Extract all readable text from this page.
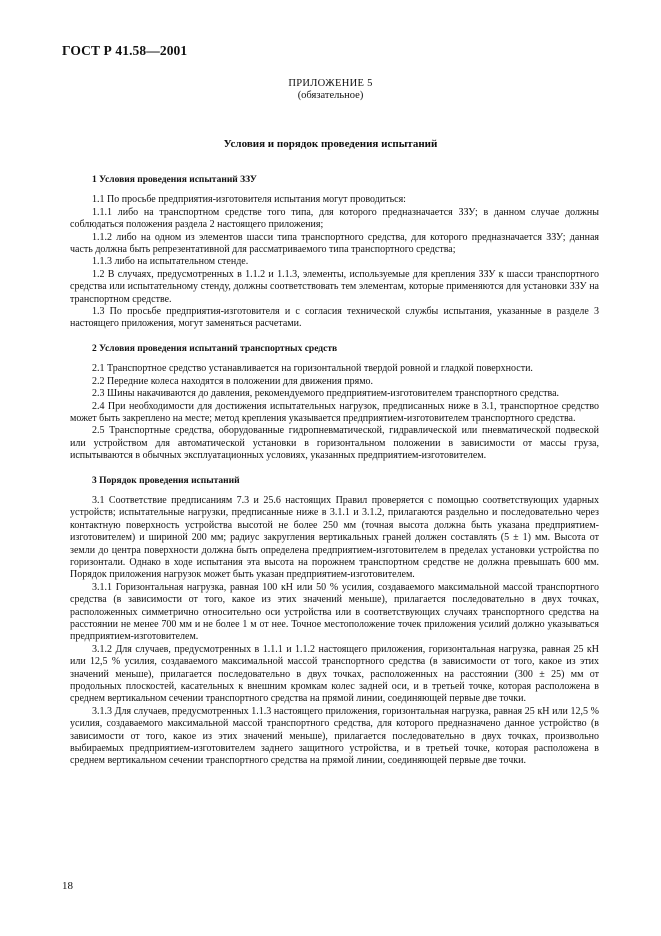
ГОСТ Р 41.58—2001
ПРИЛОЖЕНИЕ 5
(обязательное)
Условия и порядок проведения испытаний
1 Условия проведения испытаний ЗЗУ

1.1 По просьбе предприятия-изготовителя испытания могут проводиться:

1.1.1 либо на транспортном средстве того типа, для которого предназначается ЗЗУ; в данном случае должны соблюдаться положения раздела 2 настоящего приложения;

1.1.2 либо на одном из элементов шасси типа транспортного средства, для которого предназначается ЗЗУ; данная часть должна быть репрезентативной для рассматриваемого типа транспортного средства;

1.1.3 либо на испытательном стенде.

1.2 В случаях, предусмотренных в 1.1.2 и 1.1.3, элементы, используемые для крепления ЗЗУ к шасси транспортного средства или испытательному стенду, должны соответствовать тем элементам, которые применяются для установки ЗЗУ на транспортном средстве.

1.3 По просьбе предприятия-изготовителя и с согласия технической службы испытания, указанные в разделе 3 настоящего приложения, могут заменяться расчетами.

2 Условия проведения испытаний транспортных средств

2.1 Транспортное средство устанавливается на горизонтальной твердой ровной и гладкой поверхности.

2.2 Передние колеса находятся в положении для движения прямо.

2.3 Шины накачиваются до давления, рекомендуемого предприятием-изготовителем транспортного средства.

2.4 При необходимости для достижения испытательных нагрузок, предписанных ниже в 3.1, транспортное средство может быть закреплено на месте; метод крепления указывается предприятием-изготовителем транспортного средства.

2.5 Транспортные средства, оборудованные гидропневматической, гидравлической или пневматической подвеской или устройством для автоматической установки в горизонтальном положении в зависимости от массы груза, испытываются в обычных эксплуатационных условиях, указанных предприятием-изготовителем.

3 Порядок проведения испытаний

3.1 Соответствие предписаниям 7.3 и 25.6 настоящих Правил проверяется с помощью соответствующих ударных устройств; испытательные нагрузки, предписанные ниже в 3.1.1 и 3.1.2, прилагаются раздельно и последовательно через контактную поверхность устройства высотой не более 250 мм (точная высота должна быть указана предприятием-изготовителем) и шириной 200 мм; радиус закругления вертикальных граней должен составлять (5 ± 1) мм. Высота от земли до центра поверхности должна быть определена предприятием-изготовителем в пределах установки устройства по горизонтали. Однако в ходе испытания эта высота на порожнем транспортном средстве не должна превышать 600 мм. Порядок приложения нагрузок может быть указан предприятием-изготовителем.

3.1.1 Горизонтальная нагрузка, равная 100 кН или 50 % усилия, создаваемого максимальной массой транспортного средства (в зависимости от того, какое из этих значений меньше), прилагается последовательно в двух точках, расположенных симметрично относительно оси устройства или в соответствующих случаях транспортного средства на расстоянии не менее 700 мм и не более 1 м от нее. Точное местоположение точек приложения усилий должно указываться предприятием-изготовителем.

3.1.2 Для случаев, предусмотренных в 1.1.1 и 1.1.2 настоящего приложения, горизонтальная нагрузка, равная 25 кН или 12,5 % усилия, создаваемого максимальной массой транспортного средства (в зависимости от того, какое из этих значений меньше), прилагается последовательно в двух точках, расположенных на расстоянии (300 ± 25) мм от продольных плоскостей, касательных к внешним кромкам колес задней оси, и в третьей точке, которая расположена в среднем вертикальном сечении транспортного средства на прямой линии, соединяющей первые две точки.

3.1.3 Для случаев, предусмотренных 1.1.3 настоящего приложения, горизонтальная нагрузка, равная 25 кН или 12,5 % усилия, создаваемого максимальной массой транспортного средства, для которого предназначено данное устройство (в зависимости от того, какое из этих значений меньше), прилагается последовательно в двух точках, произвольно выбираемых предприятием-изготовителем заднего защитного устройства, и в третьей точке, которая расположена в среднем вертикальном сечении транспортного средства на прямой линии, соединяющей первые две точки.

18
